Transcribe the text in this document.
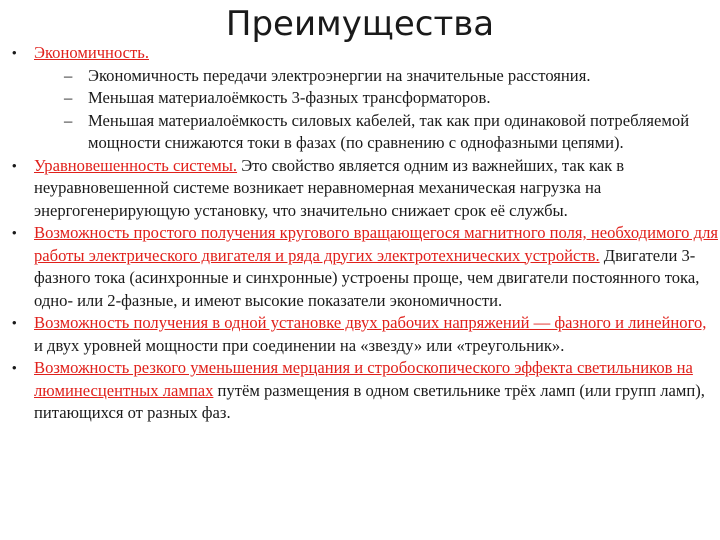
Преимущества
•	Экономичность.
– Экономичность передачи электроэнергии на значительные расстояния.
– Меньшая материалоёмкость 3-фазных трансформаторов.
– Меньшая материалоёмкость силовых кабелей, так как при одинаковой потребляемой мощности снижаются токи в фазах (по сравнению с однофазными цепями).
•	Уравновешенность системы. Это свойство является одним из важнейших, так как в неуравновешенной системе возникает неравномерная механическая нагрузка на энергогенерирующую установку, что значительно снижает срок её службы.
•	Возможность простого получения кругового вращающегося магнитного поля, необходимого для работы электрического двигателя и ряда других электротехнических устройств. Двигатели 3-фазного тока (асинхронные и синхронные) устроены проще, чем двигатели постоянного тока, одно- или 2-фазные, и имеют высокие показатели экономичности.
•	Возможность получения в одной установке двух рабочих напряжений — фазного и линейного, и двух уровней мощности при соединении на «звезду» или «треугольник».
•	Возможность резкого уменьшения мерцания и стробоскопического эффекта светильников на люминесцентных лампах путём размещения в одном светильнике трёх ламп (или групп ламп), питающихся от разных фаз.
